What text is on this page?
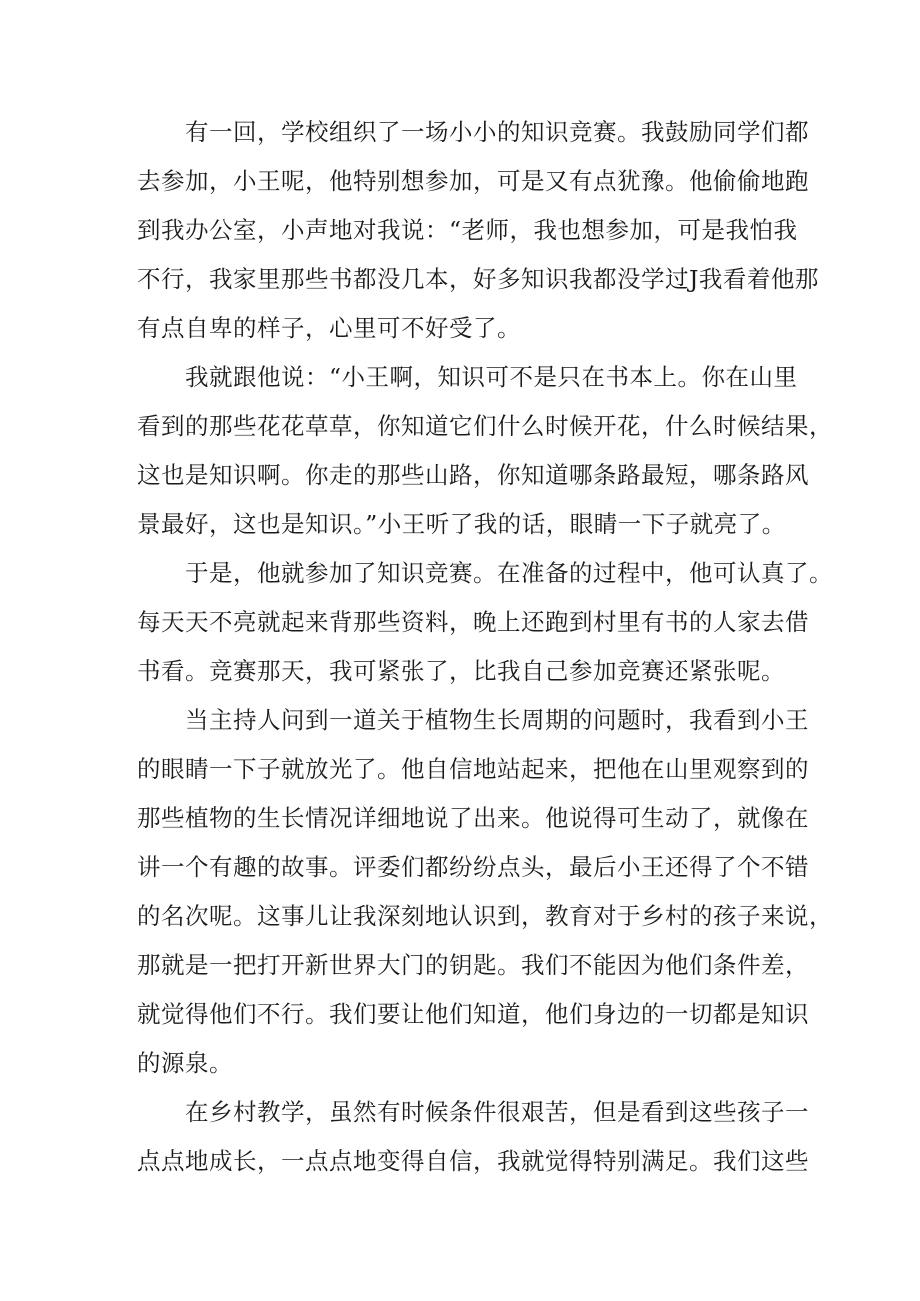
有一回，学校组织了一场小小的知识竞赛。我鼓励同学们都
去参加，小王呢，他特别想参加，可是又有点犹豫。他偷偷地跑
到我办公室，小声地对我说：“老师，我也想参加，可是我怕我
不行，我家里那些书都没几本，好多知识我都没学过J我看着他那
有点自卑的样子，心里可不好受了。
我就跟他说：“小王啊，知识可不是只在书本上。你在山里
看到的那些花花草草，你知道它们什么时候开花，什么时候结果，
这也是知识啊。你走的那些山路，你知道哪条路最短，哪条路风
景最好，这也是知识。”小王听了我的话，眼睛一下子就亮了。
于是，他就参加了知识竞赛。在准备的过程中，他可认真了。
每天天不亮就起来背那些资料，晚上还跑到村里有书的人家去借
书看。竞赛那天，我可紧张了，比我自己参加竞赛还紧张呢。
当主持人问到一道关于植物生长周期的问题时，我看到小王
的眼睛一下子就放光了。他自信地站起来，把他在山里观察到的
那些植物的生长情况详细地说了出来。他说得可生动了，就像在
讲一个有趣的故事。评委们都纷纷点头，最后小王还得了个不错
的名次呢。这事儿让我深刻地认识到，教育对于乡村的孩子来说，
那就是一把打开新世界大门的钥匙。我们不能因为他们条件差，
就觉得他们不行。我们要让他们知道，他们身边的一切都是知识
的源泉。
在乡村教学，虽然有时候条件很艰苦，但是看到这些孩子一
点点地成长，一点点地变得自信，我就觉得特别满足。我们这些
